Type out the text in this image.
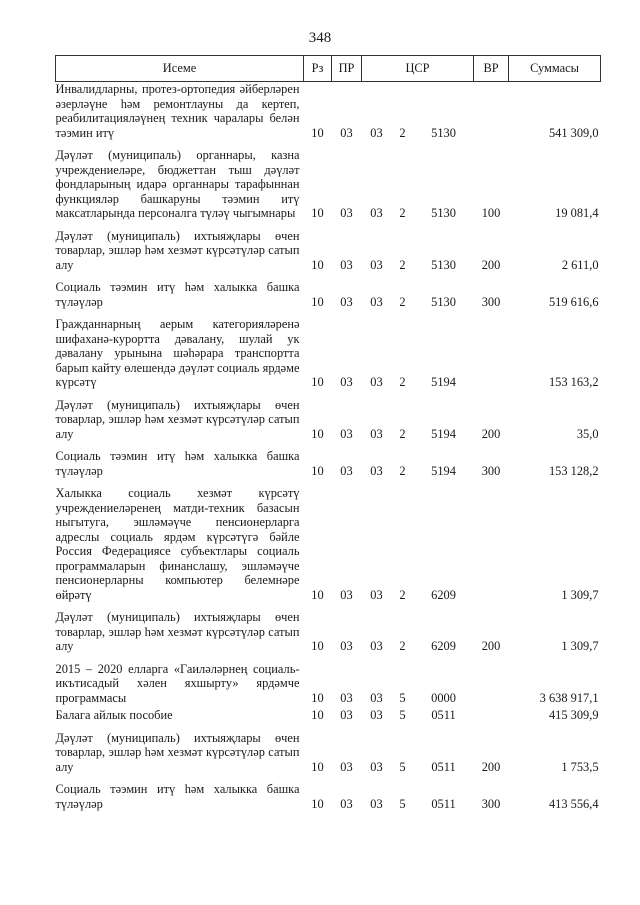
348
Исеме	Рз	ПР	ЦСР			ВР	Суммасы
Инвалидларны, протез-ортопедия әйберләрен әзерләүне һәм ремонтлауны да кертеп, реабилитацияләүнең техник чаралары белән тәэмин итү	10	03	03	2	5130		541 309,0
Дәүләт (муниципаль) органнары, казна учреждениеләре, бюджеттан тыш дәүләт фондларының идарә органнары тарафыннан функцияләр башкаруны тәэмин итү максатларында персоналга түләү чыгымнары	10	03	03	2	5130	100	19 081,4
Дәүләт (муниципаль) ихтыяҗлары өчен товарлар, эшләр һәм хезмәт күрсәтүләр сатып алу	10	03	03	2	5130	200	2 611,0
Социаль тәэмин итү һәм халыкка башка түләүләр	10	03	03	2	5130	300	519 616,6
Гражданнарның аерым категорияләренә шифаханә-курортта дәвалану, шулай ук дәвалану урынына шәһәрара транспортта барып кайту өлешендә дәүләт социаль ярдәме күрсәтү	10	03	03	2	5194		153 163,2
Дәүләт (муниципаль) ихтыяҗлары өчен товарлар, эшләр һәм хезмәт күрсәтүләр сатып алу	10	03	03	2	5194	200	35,0
Социаль тәэмин итү һәм халыкка башка түләүләр	10	03	03	2	5194	300	153 128,2
Халыкка социаль хезмәт күрсәтү учреждениеләренең матди-техник базасын ныгытуга, эшләмәүче пенсионерларга адреслы социаль ярдәм күрсәтүгә бәйле Россия Федерациясе субъектлары социаль программаларын финанслашу, эшләмәүче пенсионерларны компьютер белемнәре өйрәтү	10	03	03	2	6209		1 309,7
Дәүләт (муниципаль) ихтыяҗлары өчен товарлар, эшләр һәм хезмәт күрсәтүләр сатып алу	10	03	03	2	6209	200	1 309,7
2015 – 2020 елларга «Гаиләләрнең социаль-икътисадый хәлен яхшырту» ярдәмче программасы	10	03	03	5	0000		3 638 917,1
Балага айлык пособие	10	03	03	5	0511		415 309,9
Дәүләт (муниципаль) ихтыяҗлары өчен товарлар, эшләр һәм хезмәт күрсәтүләр сатып алу	10	03	03	5	0511	200	1 753,5
Социаль тәэмин итү һәм халыкка башка түләүләр	10	03	03	5	0511	300	413 556,4
